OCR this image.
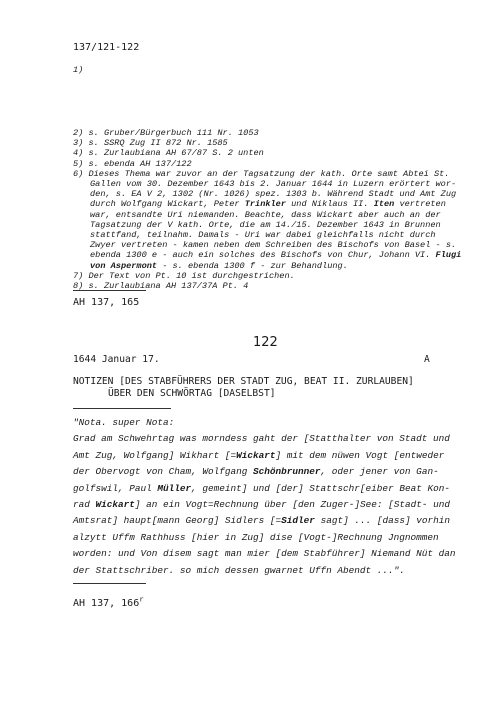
137/121-122
1)
2) s. Gruber/Bürgerbuch 111 Nr. 1053
3) s. SSRQ Zug II 872 Nr. 1585
4) s. Zurlaubiana AH 67/87 S. 2 unten
5) s. ebenda AH 137/122
6) Dieses Thema war zuvor an der Tagsatzung der kath. Orte samt Abtei St.
Gallen vom 30. Dezember 1643 bis 2. Januar 1644 in Luzern erörtert wor-
den, s. EA V 2, 1302 (Nr. 1026) spez. 1303 b. Während Stadt und Amt Zug
durch Wolfgang Wickart, Peter Trinkler und Niklaus II. Iten vertreten
war, entsandte Uri niemanden. Beachte, dass Wickart aber auch an der
Tagsatzung der V kath. Orte, die am 14./15. Dezember 1643 in Brunnen
stattfand, teilnahm. Damals - Uri war dabei gleichfalls nicht durch
Zwyer vertreten - kamen neben dem Schreiben des Bischofs von Basel - s.
ebenda 1300 e - auch ein solches des Bischofs von Chur, Johann VI. Flugi
von Aspermont - s. ebenda 1300 f - zur Behandlung.
7) Der Text von Pt. 10 ist durchgestrichen.
8) s. Zurlaubiana AH 137/37A Pt. 4
AH 137, 165
122
1644 Januar 17.	A
NOTIZEN [DES STABFÜHRERS DER STADT ZUG, BEAT II. ZURLAUBEN]
ÜBER DEN SCHWÖRTAG [DASELBST]
"Nota. super Nota:
Grad am Schwehrtag was morndess gaht der [Statthalter von Stadt und
Amt Zug, Wolfgang] Wikhart [=Wickart] mit dem nüwen Vogt [entweder
der Obervogt von Cham, Wolfgang Schönbrunner, oder jener von Gan-
golfswil, Paul Müller, gemeint] und [der] Stattschr[eiber Beat Kon-
rad Wickart] an ein Vogt=Rechnung über [den Zuger-]See: [Stadt- und
Amtsrat] haupt[mann Georg] Sidlers [=Sidler sagt] ... [dass] vorhin
alzytt Uffm Rathhuss [hier in Zug] dise [Vogt-]Rechnung Jngnommen
worden: und Von disem sagt man mier [dem Stabführer] Niemand Nüt dan
der Stattschriber. so mich dessen gwarnet Uffn Abendt ...".
AH 137, 166$^r$
